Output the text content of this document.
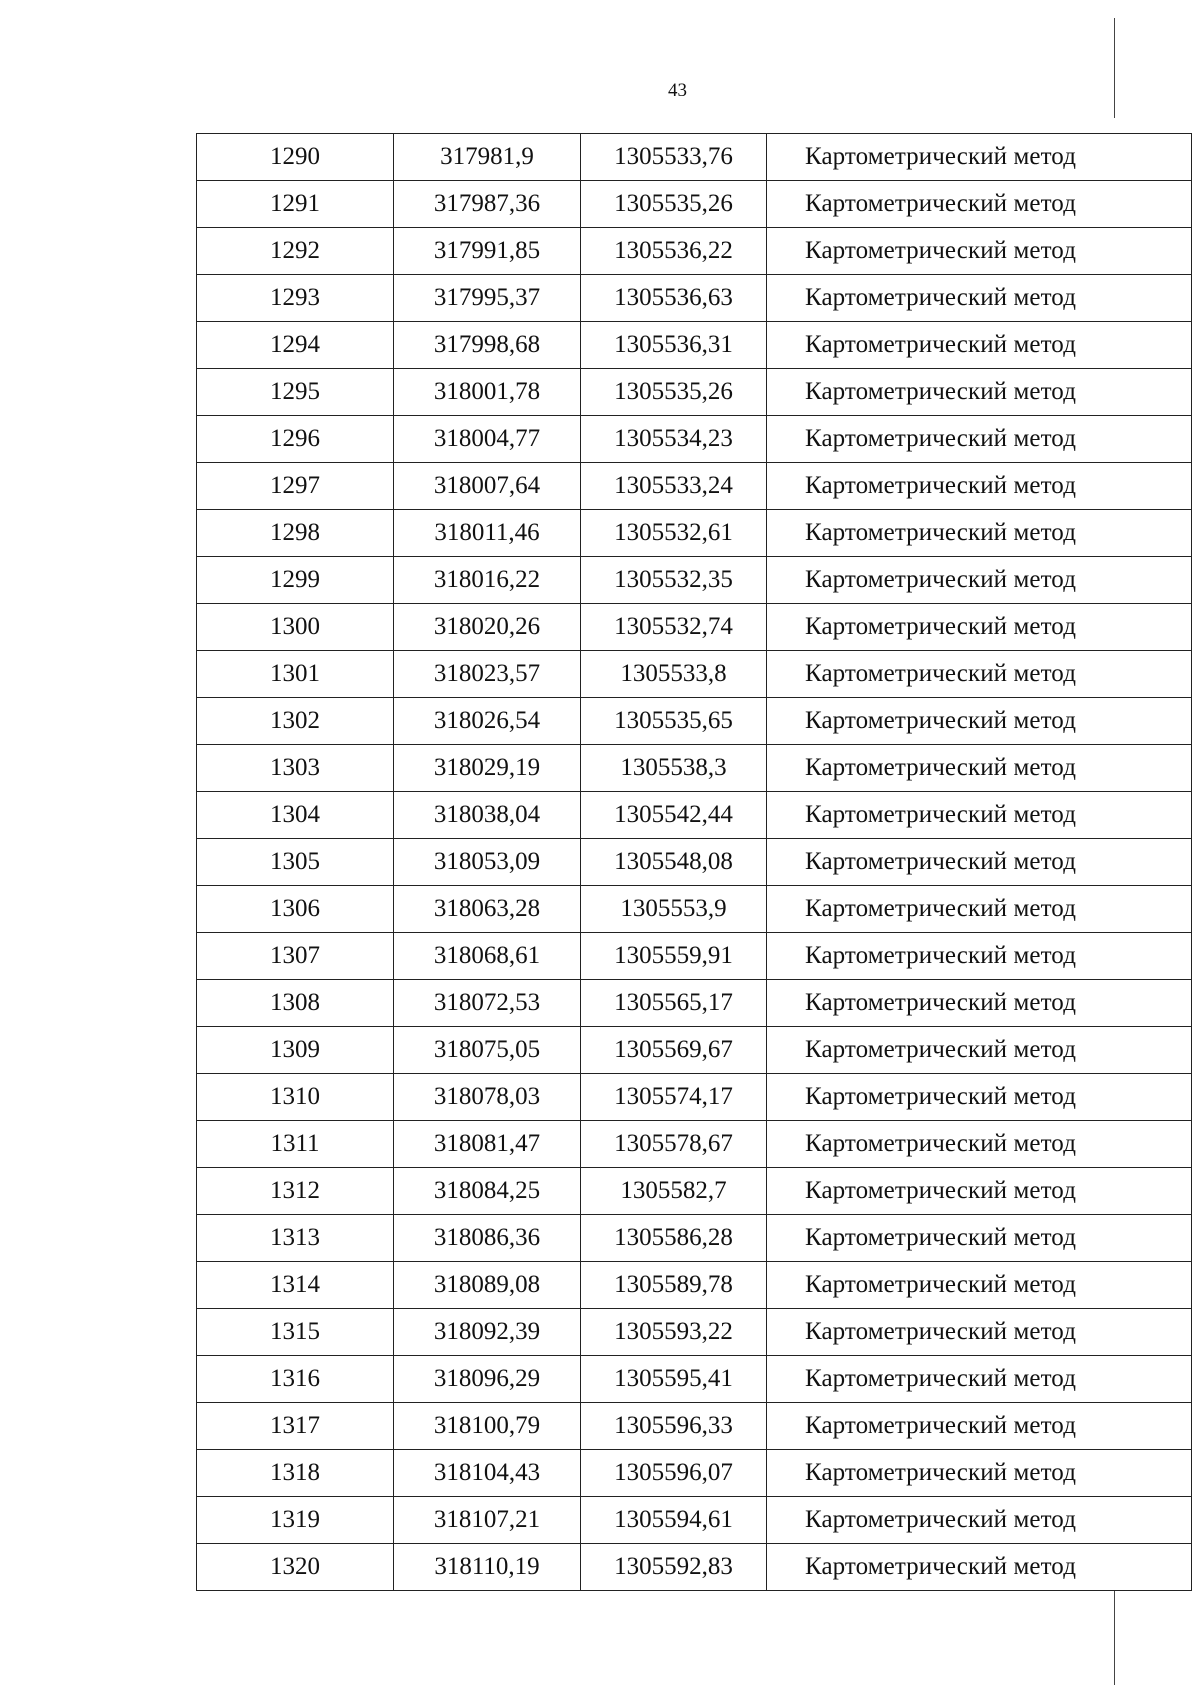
43
1290	317981,9	1305533,76	Картометрический метод
1291	317987,36	1305535,26	Картометрический метод
1292	317991,85	1305536,22	Картометрический метод
1293	317995,37	1305536,63	Картометрический метод
1294	317998,68	1305536,31	Картометрический метод
1295	318001,78	1305535,26	Картометрический метод
1296	318004,77	1305534,23	Картометрический метод
1297	318007,64	1305533,24	Картометрический метод
1298	318011,46	1305532,61	Картометрический метод
1299	318016,22	1305532,35	Картометрический метод
1300	318020,26	1305532,74	Картометрический метод
1301	318023,57	1305533,8	Картометрический метод
1302	318026,54	1305535,65	Картометрический метод
1303	318029,19	1305538,3	Картометрический метод
1304	318038,04	1305542,44	Картометрический метод
1305	318053,09	1305548,08	Картометрический метод
1306	318063,28	1305553,9	Картометрический метод
1307	318068,61	1305559,91	Картометрический метод
1308	318072,53	1305565,17	Картометрический метод
1309	318075,05	1305569,67	Картометрический метод
1310	318078,03	1305574,17	Картометрический метод
1311	318081,47	1305578,67	Картометрический метод
1312	318084,25	1305582,7	Картометрический метод
1313	318086,36	1305586,28	Картометрический метод
1314	318089,08	1305589,78	Картометрический метод
1315	318092,39	1305593,22	Картометрический метод
1316	318096,29	1305595,41	Картометрический метод
1317	318100,79	1305596,33	Картометрический метод
1318	318104,43	1305596,07	Картометрический метод
1319	318107,21	1305594,61	Картометрический метод
1320	318110,19	1305592,83	Картометрический метод
